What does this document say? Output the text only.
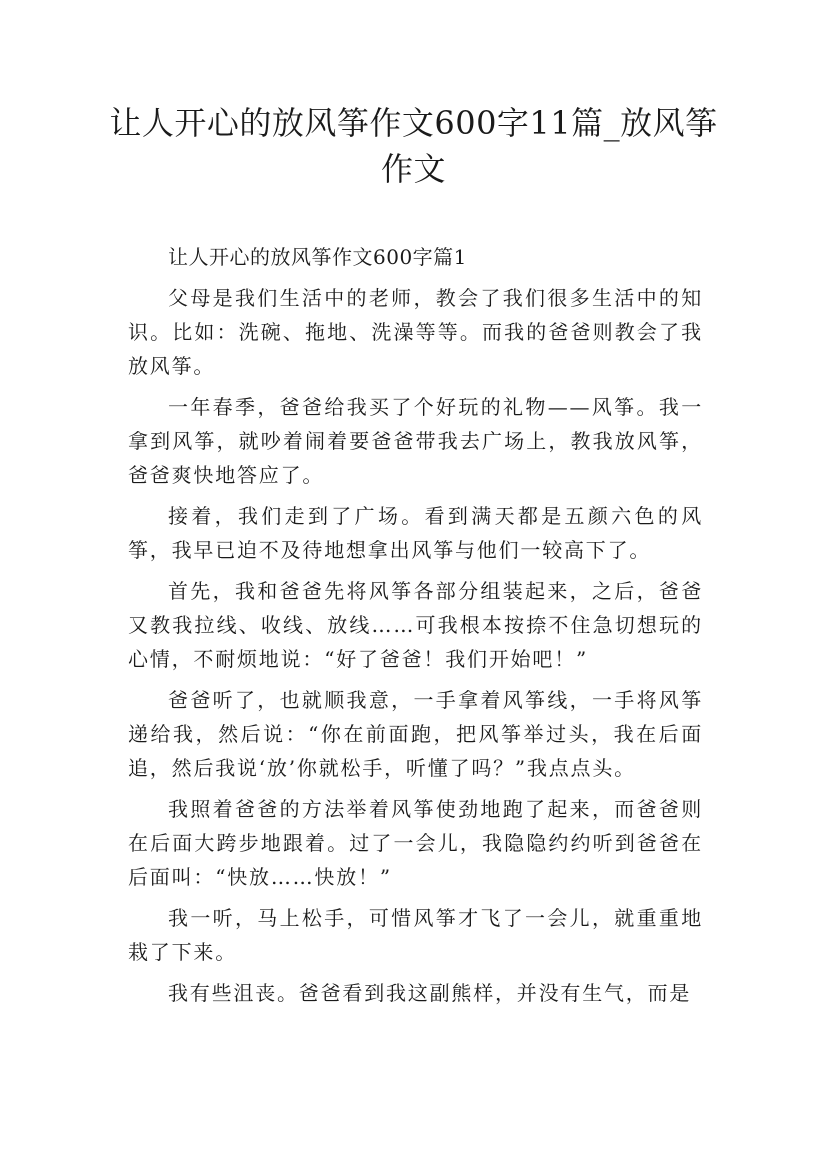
让人开心的放风筝作文600字11篇_放风筝作文

让人开心的放风筝作文600字篇1

父母是我们生活中的老师，教会了我们很多生活中的知识。比如：洗碗、拖地、洗澡等等。而我的爸爸则教会了我放风筝。

一年春季，爸爸给我买了个好玩的礼物——风筝。我一拿到风筝，就吵着闹着要爸爸带我去广场上，教我放风筝，爸爸爽快地答应了。

接着，我们走到了广场。看到满天都是五颜六色的风筝，我早已迫不及待地想拿出风筝与他们一较高下了。

首先，我和爸爸先将风筝各部分组装起来，之后，爸爸又教我拉线、收线、放线……可我根本按捺不住急切想玩的心情，不耐烦地说：“好了爸爸！我们开始吧！”

爸爸听了，也就顺我意，一手拿着风筝线，一手将风筝递给我，然后说：“你在前面跑，把风筝举过头，我在后面追，然后我说‘放’你就松手，听懂了吗？”我点点头。

我照着爸爸的方法举着风筝使劲地跑了起来，而爸爸则在后面大跨步地跟着。过了一会儿，我隐隐约约听到爸爸在后面叫：“快放……快放！”

我一听，马上松手，可惜风筝才飞了一会儿，就重重地栽了下来。

我有些沮丧。爸爸看到我这副熊样，并没有生气，而是
